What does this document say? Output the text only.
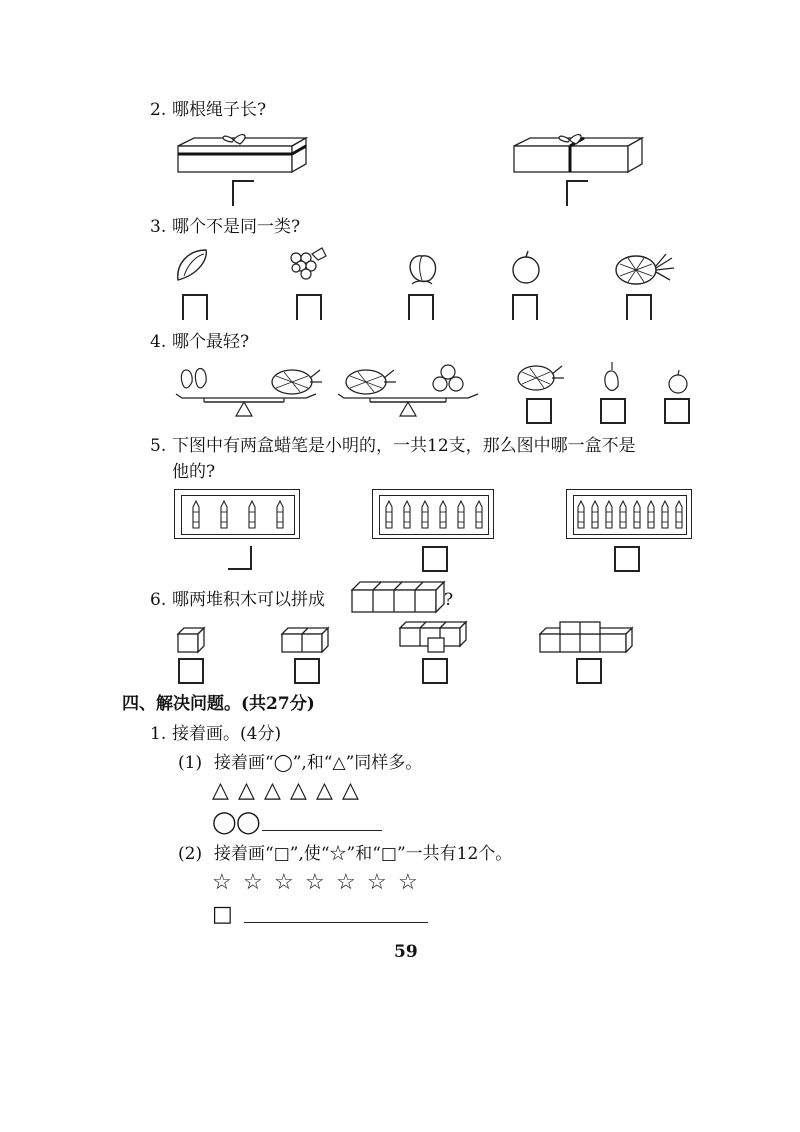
2. 哪根绳子长?
3. 哪个不是同一类?
4. 哪个最轻?
5. 下图中有两盒蜡笔是小明的，一共12支，那么图中哪一盒不是
他的?
6. 哪两堆积木可以拼成	?
四、解决问题。(共27分)
1. 接着画。(4分)
(1) 接着画“◯”,和“△”同样多。
△ △ △ △ △ △
◯ ◯
(2) 接着画“□”,使“☆”和“□”一共有12个。
☆ ☆ ☆ ☆ ☆ ☆ ☆
□
59
